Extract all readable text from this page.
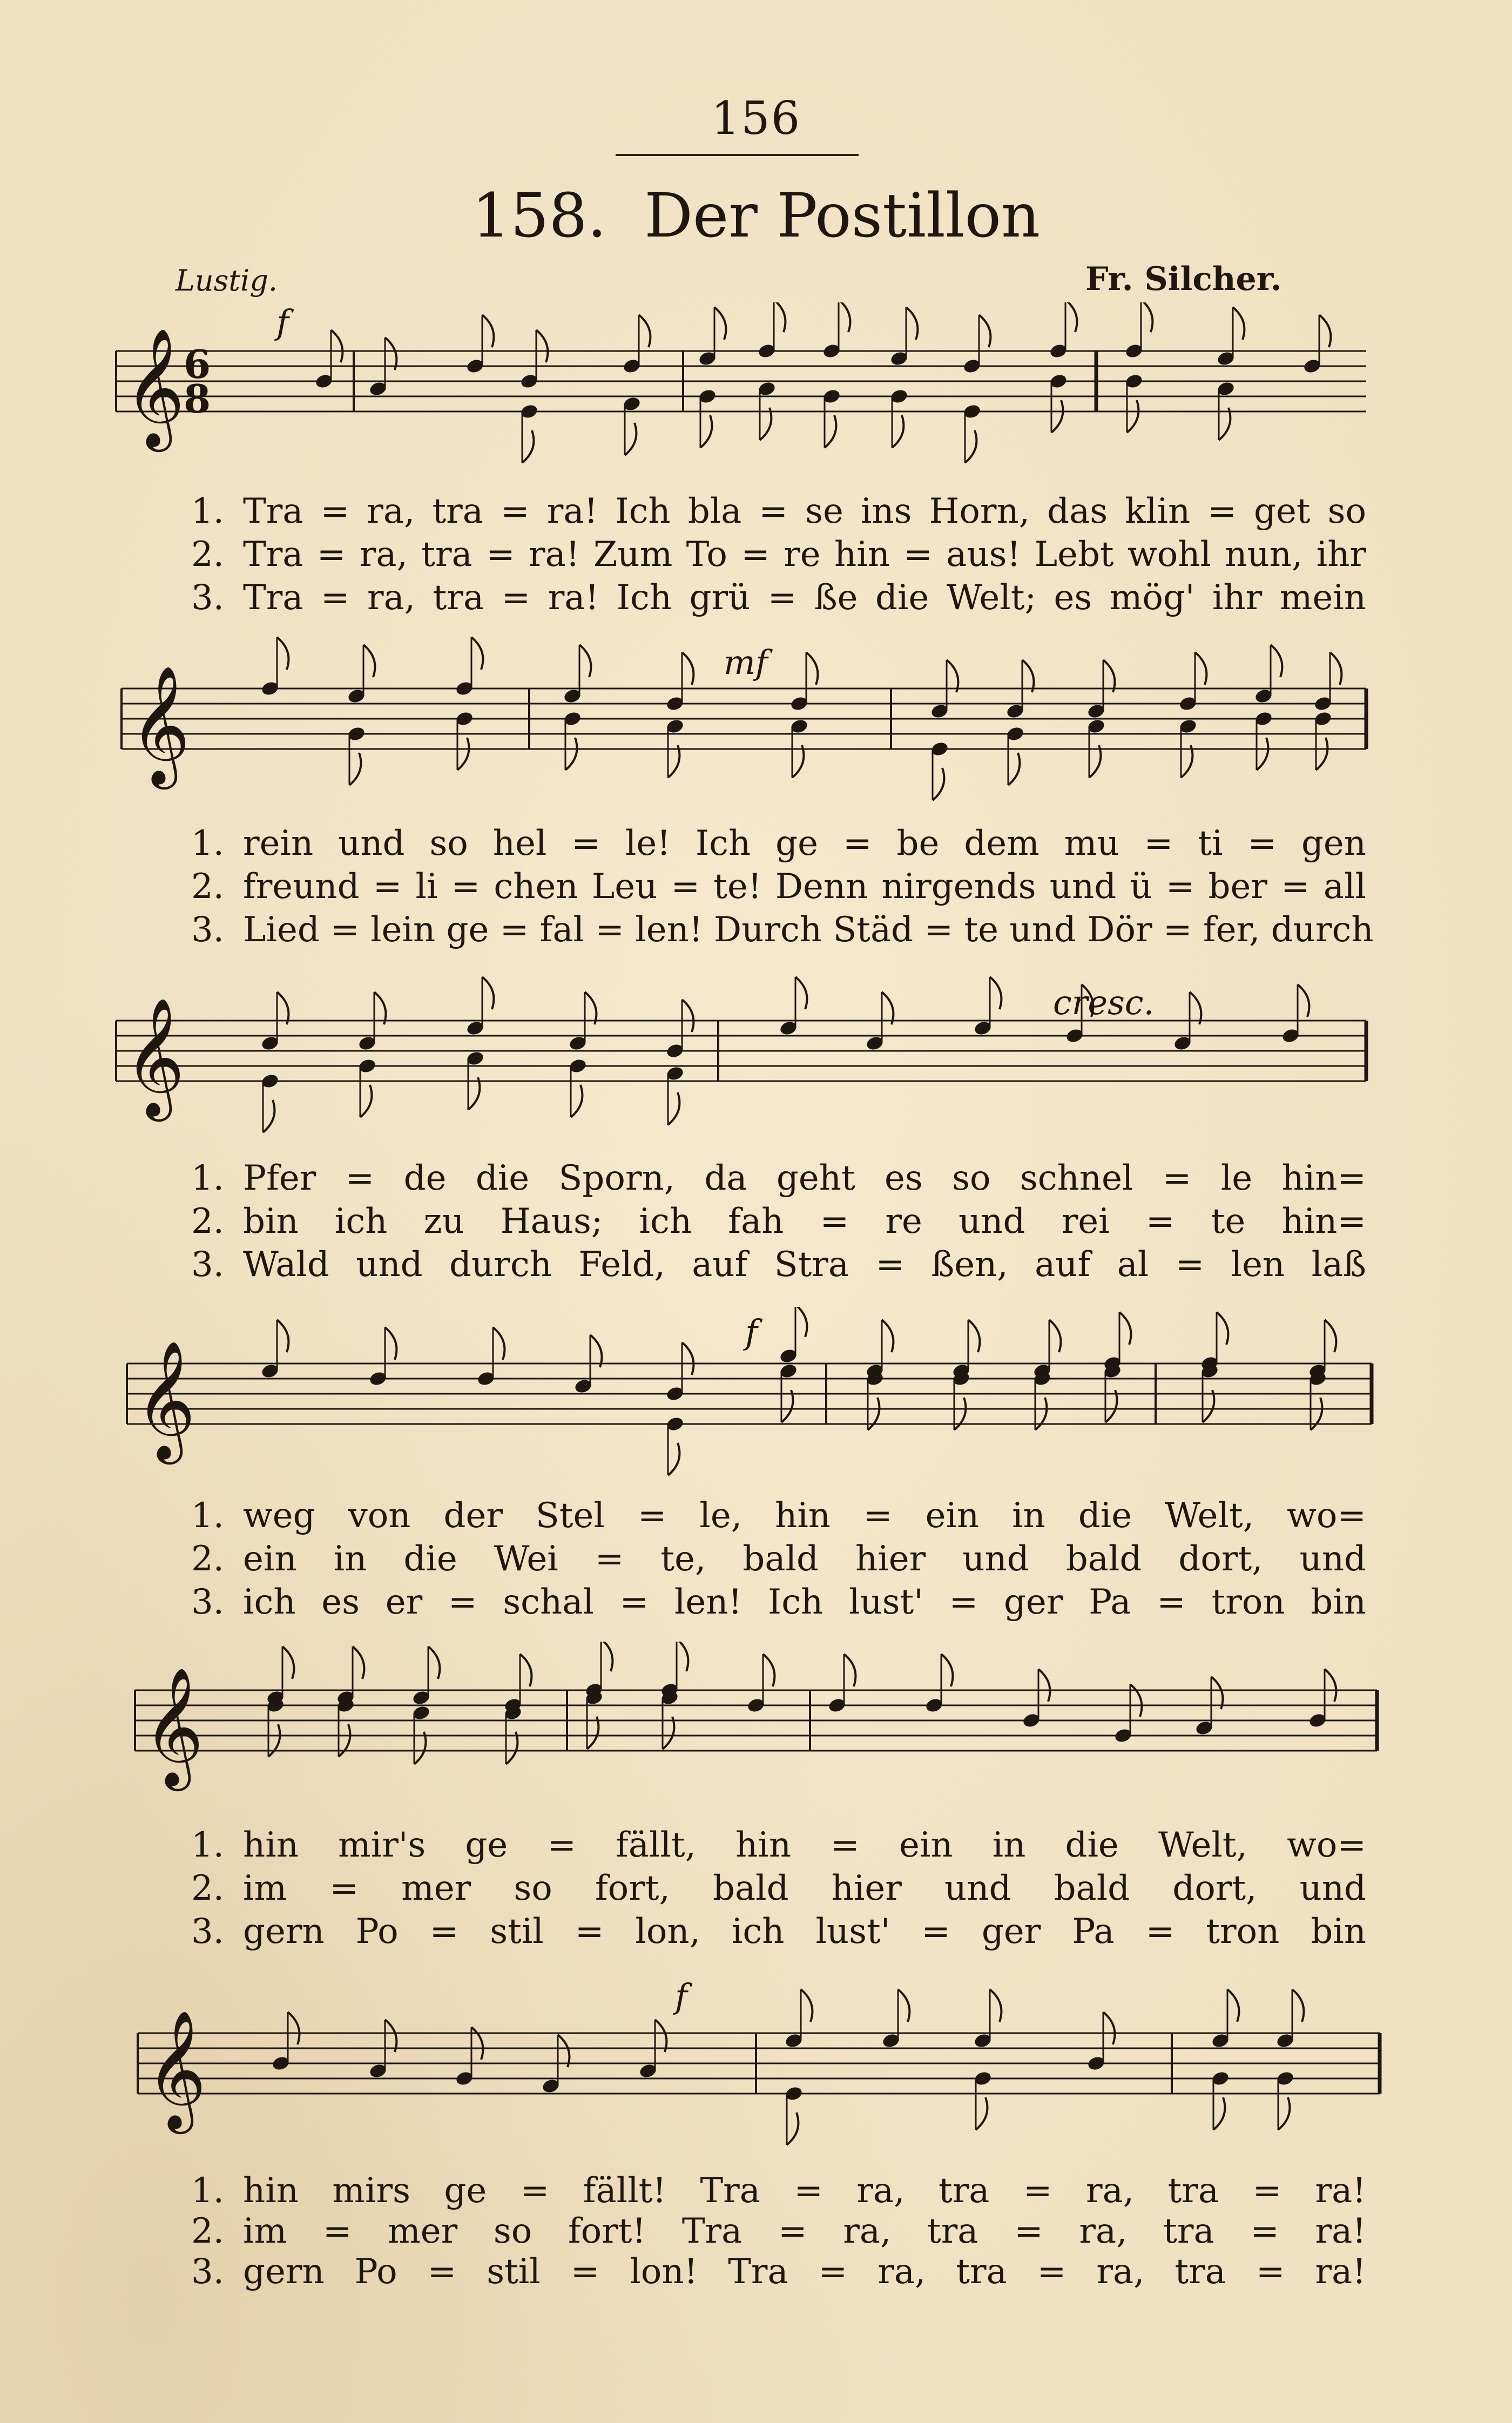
156
158. Der Postillon
Lustig.	Fr. Silcher.
𝄞
6
8
f
1. Tra = ra, tra = ra! Ich bla = se ins Horn, das klin = get so
2. Tra = ra, tra = ra! Zum To = re hin = aus! Lebt wohl nun, ihr
3. Tra = ra, tra = ra! Ich grü = ße die Welt; es mög' ihr mein
𝄞
mf
1. rein und so hel = le! Ich ge = be dem mu = ti = gen
2. freund = li = chen Leu = te! Denn nirgends und ü = ber = all
3. Lied = lein ge = fal = len! Durch Städ = te und Dör = fer, durch
𝄞	cresc.
1. Pfer = de die Sporn, da geht es so schnel = le hin=
2. bin ich zu Haus; ich fah = re und rei = te hin=
3. Wald und durch Feld, auf Stra = ßen, auf al = len laß
𝄞
f
1. weg von der Stel = le, hin = ein in die Welt, wo=
2. ein in die Wei = te, bald hier und bald dort, und
3. ich es er = schal = len! Ich lust' = ger Pa = tron bin
𝄞
1. hin mir's ge = fällt, hin = ein in die Welt, wo=
2. im = mer so fort, bald hier und bald dort, und
3. gern Po = stil = lon, ich lust' = ger Pa = tron bin
𝄞
f
1. hin mirs ge = fällt! Tra = ra, tra = ra, tra = ra!
2. im = mer so fort! Tra = ra, tra = ra, tra = ra!
3. gern Po = stil = lon! Tra = ra, tra = ra, tra = ra!
